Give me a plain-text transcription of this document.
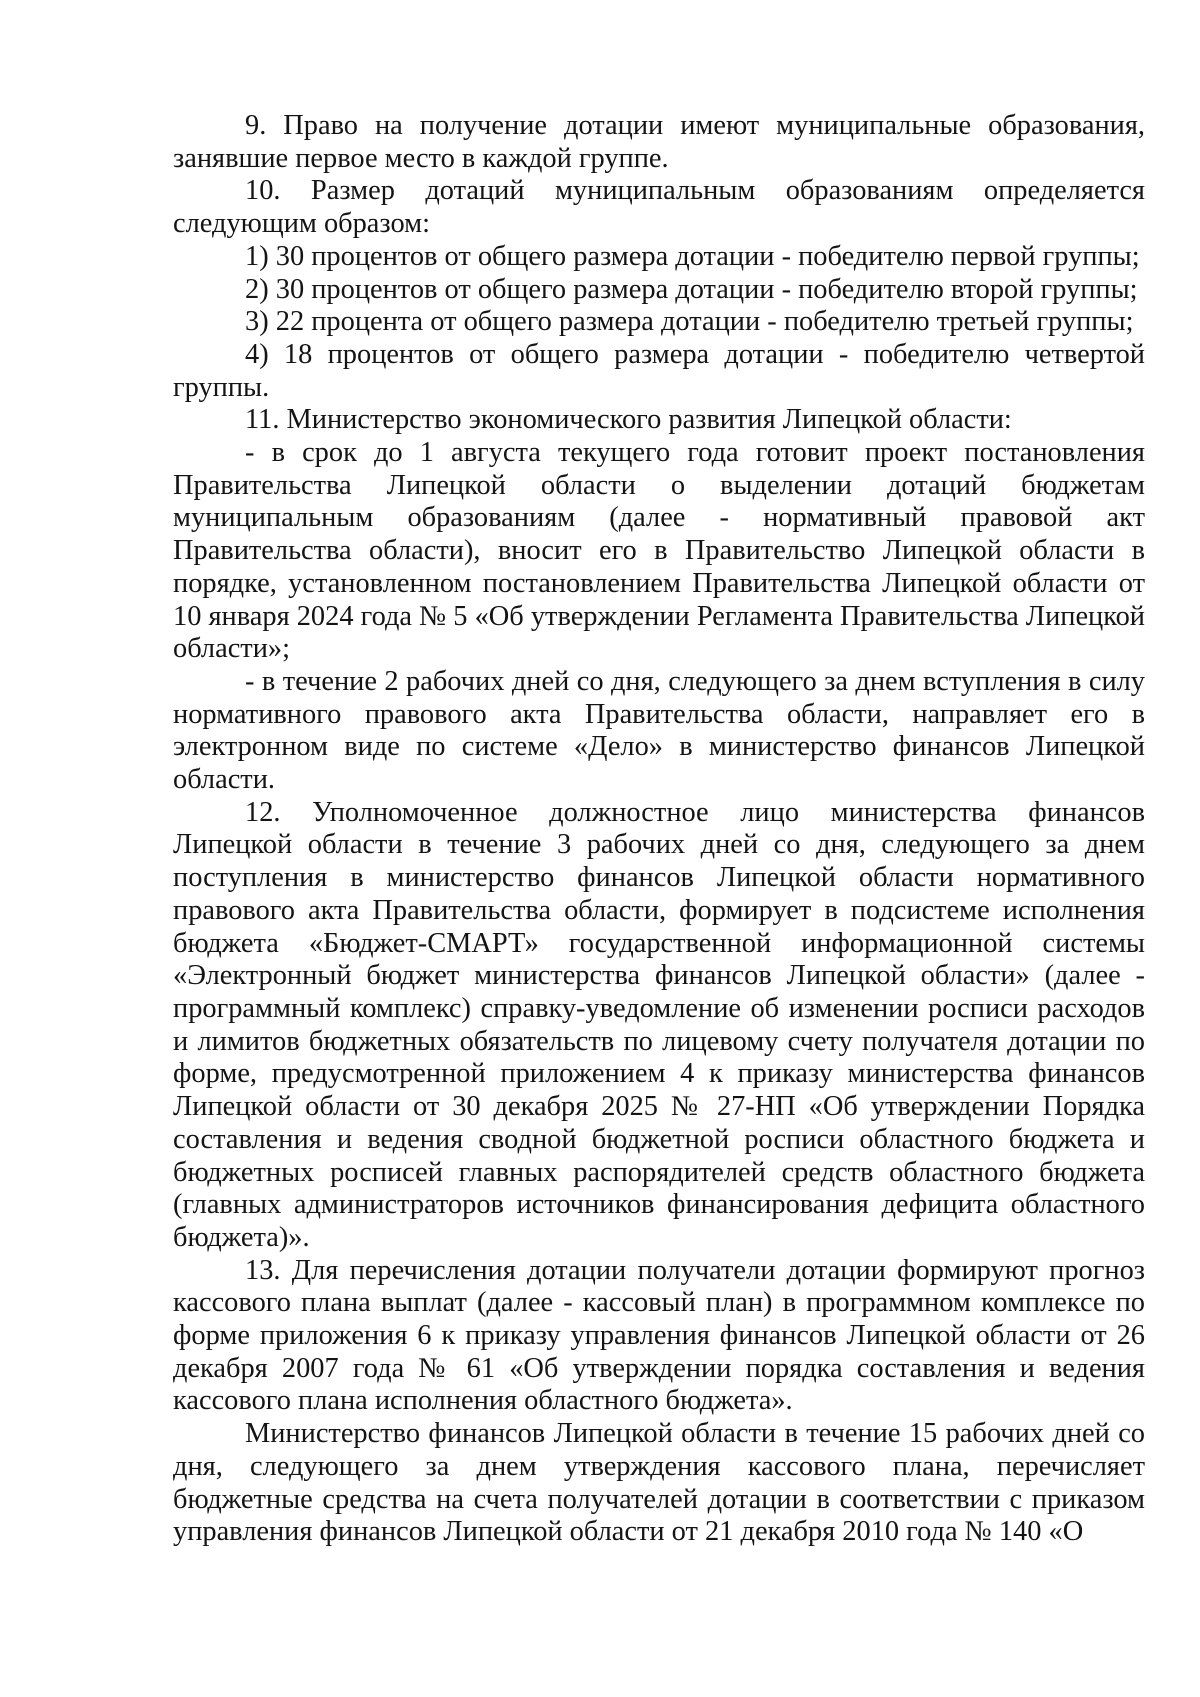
9. Право на получение дотации имеют муниципальные образования, занявшие первое место в каждой группе.

10. Размер дотаций муниципальным образованиям определяется следующим образом:

1) 30 процентов от общего размера дотации - победителю первой группы;

2) 30 процентов от общего размера дотации - победителю второй группы;

3) 22 процента от общего размера дотации - победителю третьей группы;

4) 18 процентов от общего размера дотации - победителю четвертой группы.

11. Министерство экономического развития Липецкой области:

- в срок до 1 августа текущего года готовит проект постановления Правительства Липецкой области о выделении дотаций бюджетам муниципальным образованиям (далее - нормативный правовой акт Правительства области), вносит его в Правительство Липецкой области в порядке, установленном постановлением Правительства Липецкой области от 10 января 2024 года № 5 «Об утверждении Регламента Правительства Липецкой области»;

- в течение 2 рабочих дней со дня, следующего за днем вступления в силу нормативного правового акта Правительства области, направляет его в электронном виде по системе «Дело» в министерство финансов Липецкой области.

12. Уполномоченное должностное лицо министерства финансов Липецкой области в течение 3 рабочих дней со дня, следующего за днем поступления в министерство финансов Липецкой области нормативного правового акта Правительства области, формирует в подсистеме исполнения бюджета «Бюджет-СМАРТ» государственной информационной системы «Электронный бюджет министерства финансов Липецкой области» (далее - программный комплекс) справку-уведомление об изменении росписи расходов и лимитов бюджетных обязательств по лицевому счету получателя дотации по форме, предусмотренной приложением 4 к приказу министерства финансов Липецкой области от 30 декабря 2025 № 27-НП «Об утверждении Порядка составления и ведения сводной бюджетной росписи областного бюджета и бюджетных росписей главных распорядителей средств областного бюджета (главных администраторов источников финансирования дефицита областного бюджета)».

13. Для перечисления дотации получатели дотации формируют прогноз кассового плана выплат (далее - кассовый план) в программном комплексе по форме приложения 6 к приказу управления финансов Липецкой области от 26 декабря 2007 года № 61 «Об утверждении порядка составления и ведения кассового плана исполнения областного бюджета».

Министерство финансов Липецкой области в течение 15 рабочих дней со дня, следующего за днем утверждения кассового плана, перечисляет бюджетные средства на счета получателей дотации в соответствии с приказом управления финансов Липецкой области от 21 декабря 2010 года № 140 «О
